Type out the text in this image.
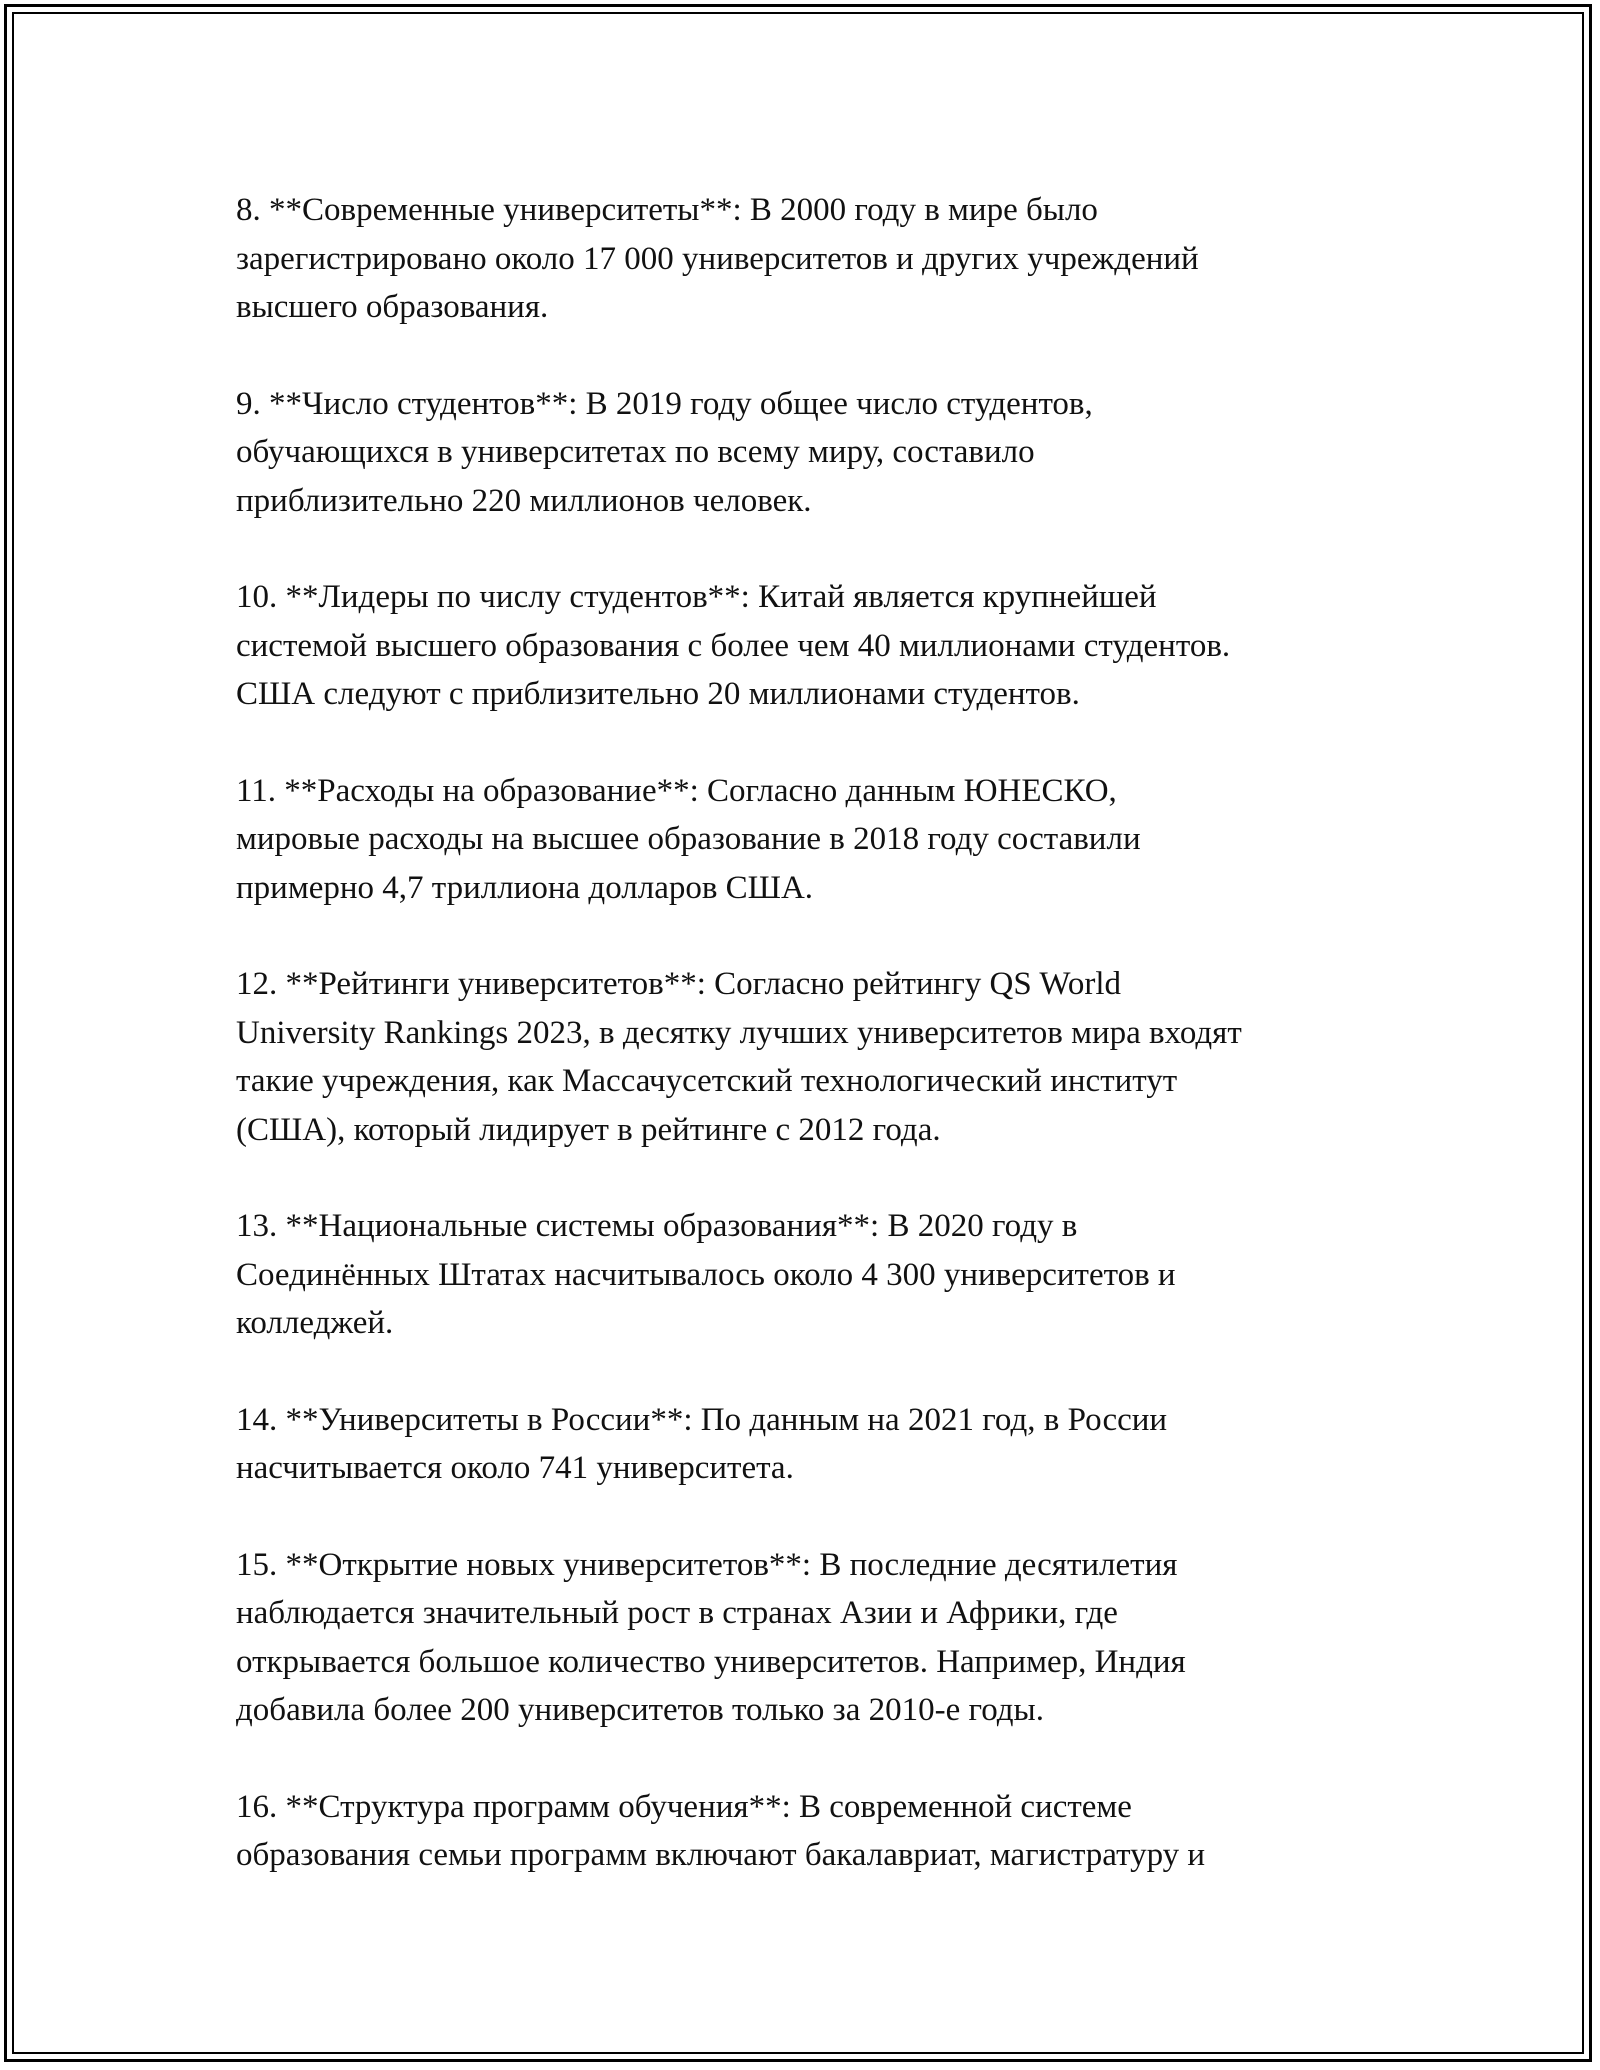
8. **Современные университеты**: В 2000 году в мире было
зарегистрировано около 17 000 университетов и других учреждений
высшего образования.
9. **Число студентов**: В 2019 году общее число студентов,
обучающихся в университетах по всему миру, составило
приблизительно 220 миллионов человек.
10. **Лидеры по числу студентов**: Китай является крупнейшей
системой высшего образования с более чем 40 миллионами студентов.
США следуют с приблизительно 20 миллионами студентов.
11. **Расходы на образование**: Согласно данным ЮНЕСКО,
мировые расходы на высшее образование в 2018 году составили
примерно 4,7 триллиона долларов США.
12. **Рейтинги университетов**: Согласно рейтингу QS World
University Rankings 2023, в десятку лучших университетов мира входят
такие учреждения, как Массачусетский технологический институт
(США), который лидирует в рейтинге с 2012 года.
13. **Национальные системы образования**: В 2020 году в
Соединённых Штатах насчитывалось около 4 300 университетов и
колледжей.
14. **Университеты в России**: По данным на 2021 год, в России
насчитывается около 741 университета.
15. **Открытие новых университетов**: В последние десятилетия
наблюдается значительный рост в странах Азии и Африки, где
открывается большое количество университетов. Например, Индия
добавила более 200 университетов только за 2010-е годы.
16. **Структура программ обучения**: В современной системе
образования семьи программ включают бакалавриат, магистратуру и
